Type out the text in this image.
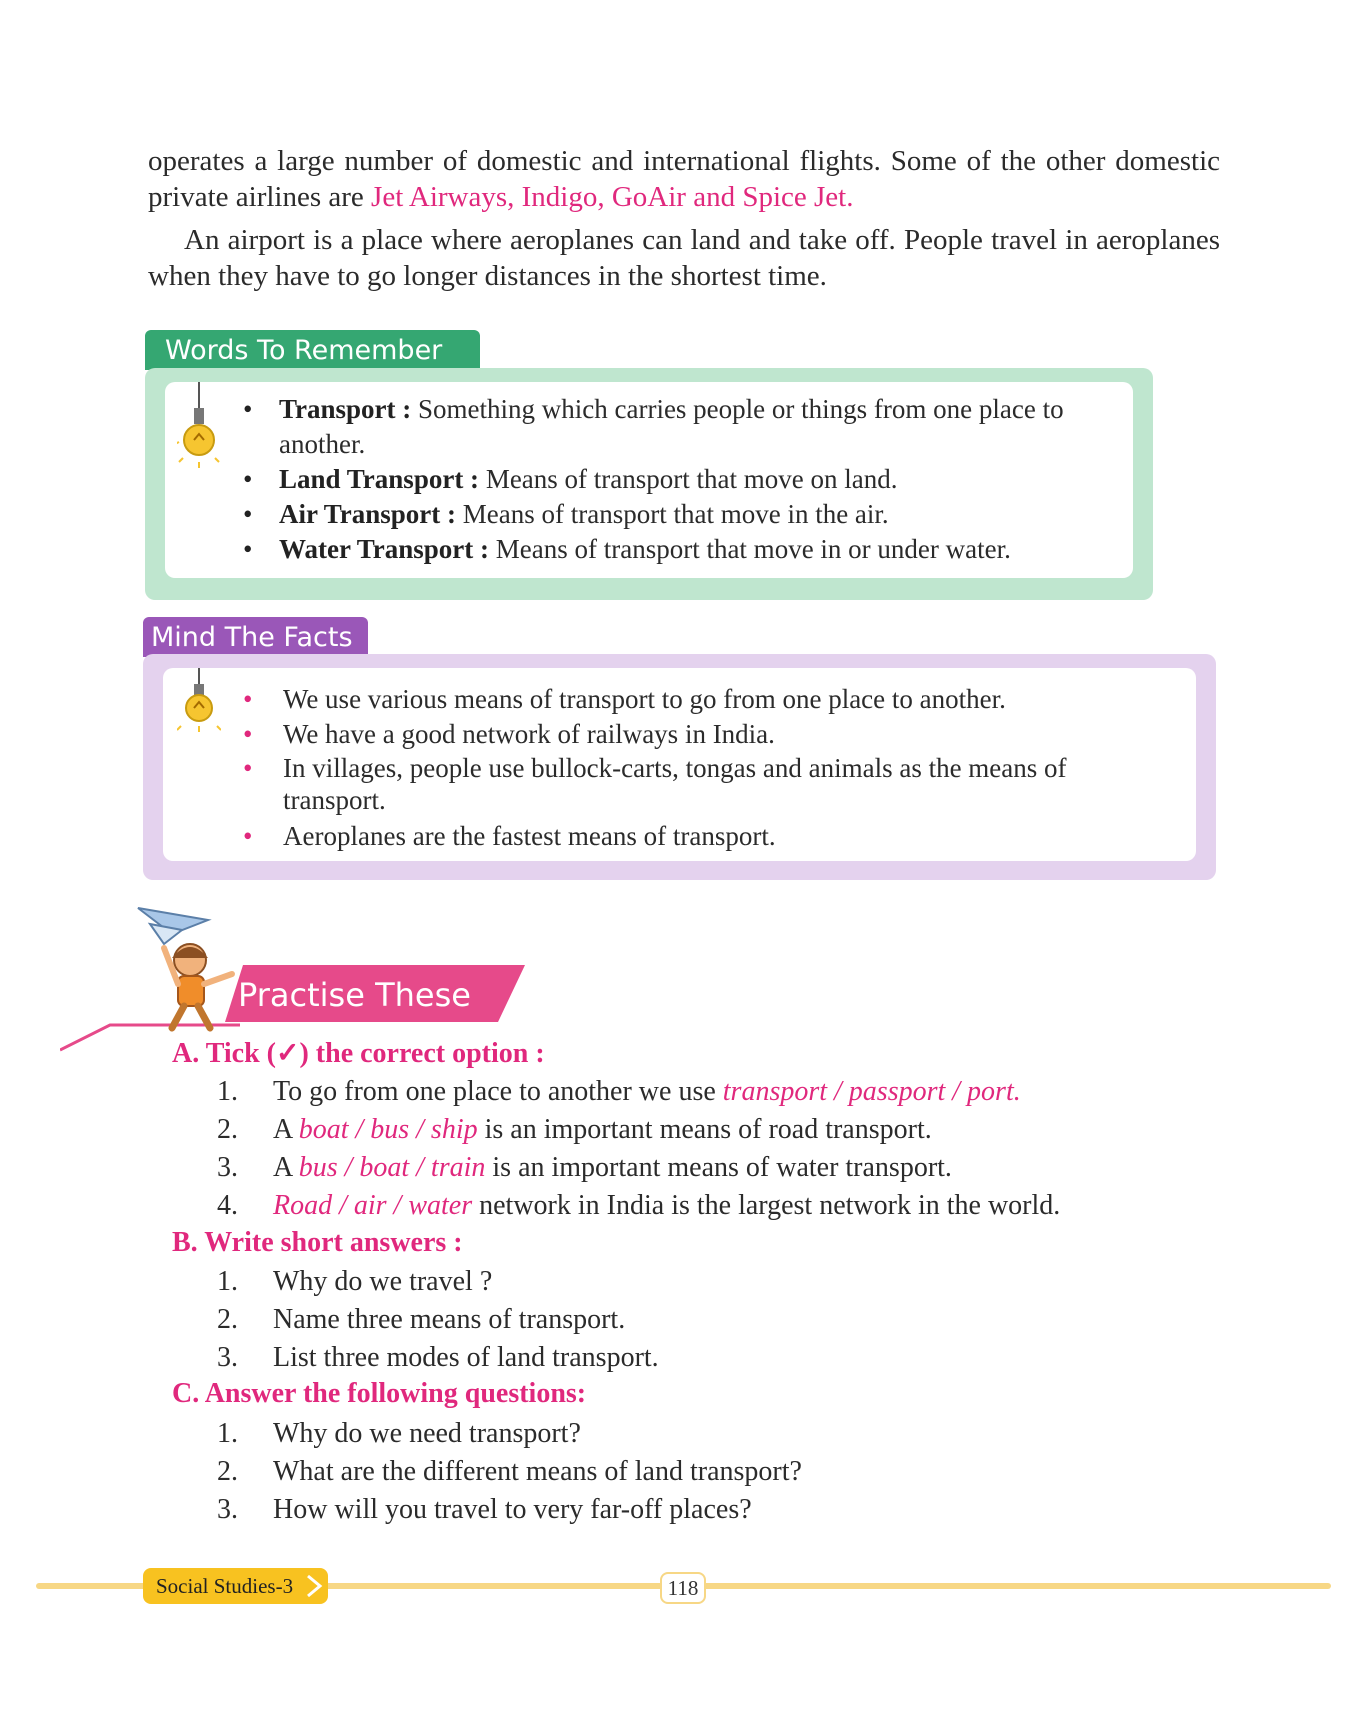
operates a large number of domestic and international flights. Some of the other domestic private airlines are Jet Airways, Indigo, GoAir and Spice Jet.

An airport is a place where aeroplanes can land and take off. People travel in aeroplanes when they have to go longer distances in the shortest time.

Words To Remember
• Transport : Something which carries people or things from one place to another.
• Land Transport : Means of transport that move on land.
• Air Transport : Means of transport that move in the air.
• Water Transport : Means of transport that move in or under water.
Mind The Facts
• We use various means of transport to go from one place to another.
• We have a good network of railways in India.
• In villages, people use bullock-carts, tongas and animals as the means of transport.
• Aeroplanes are the fastest means of transport.
Practise These
A. Tick (✓) the correct option :
1. To go from one place to another we use transport / passport / port.
2. A boat / bus / ship is an important means of road transport.
3. A bus / boat / train is an important means of water transport.
4. Road / air / water network in India is the largest network in the world.
B. Write short answers :
1. Why do we travel ?
2. Name three means of transport.
3. List three modes of land transport.
C. Answer the following questions:
1. Why do we need transport?
2. What are the different means of land transport?
3. How will you travel to very far-off places?
Social Studies-3	118
